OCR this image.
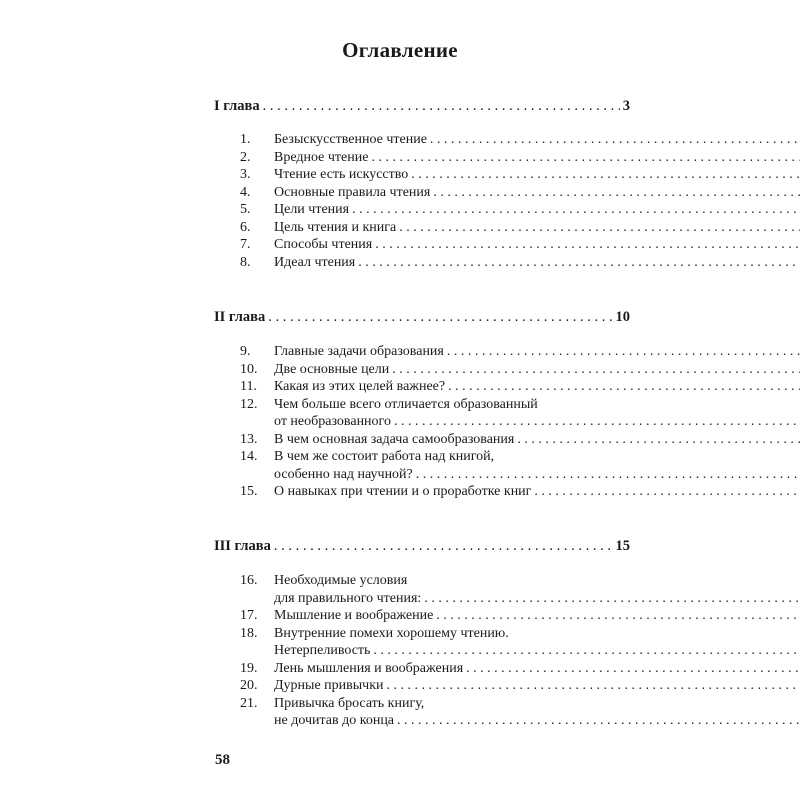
Оглавление
I глава . . .	3
1.	Безыскусственное чтение
. . .
2.	Вредное чтение
. . .
3.	Чтение есть искусство
. . .
4.	Основные правила чтения
. . .
5.	Цели чтения
. . .
6.	Цель чтения и книга
. . .
7.	Способы чтения
. . .
8.	Идеал чтения
. . .
II глава . . .	10
9.	Главные задачи образования
. . .
10.	Две основные цели
. . .
11.	Какая из этих целей важнее?
. . .
12.	Чем больше всего отличается образованный
от необразованного
. . .
13.	В чем основная задача самообразования
. . .
14.	В чем же состоит работа над книгой,
особенно над научной?
. . .
15.	О навыках при чтении и о проработке книг
. . .
III глава . . .	15
16.	Необходимые условия
для правильного чтения:
. . .
17.	Мышление и воображение
. . .
18.	Внутренние помехи хорошему чтению.
Нетерпеливость
. . .
19.	Лень мышления и воображения
. . .
20.	Дурные привычки
. . .
21.	Привычка бросать книгу,
не дочитав до конца
. . .
58
